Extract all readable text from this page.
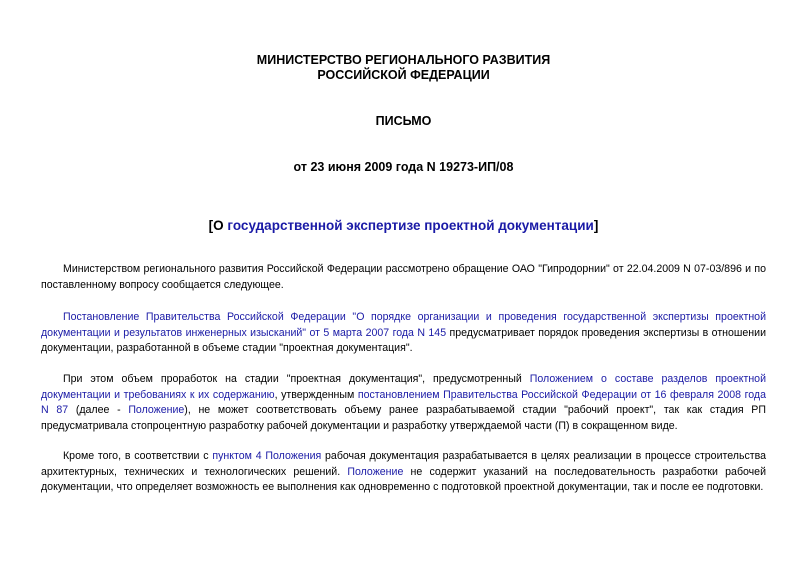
МИНИСТЕРСТВО РЕГИОНАЛЬНОГО РАЗВИТИЯ
РОССИЙСКОЙ ФЕДЕРАЦИИ
ПИСЬМО
от 23 июня 2009 года N 19273-ИП/08
[О государственной экспертизе проектной документации]
Министерством регионального развития Российской Федерации рассмотрено обращение ОАО "Гипродорнии" от 22.04.2009 N 07-03/896 и по поставленному вопросу сообщается следующее.
Постановление Правительства Российской Федерации "О порядке организации и проведения государственной экспертизы проектной документации и результатов инженерных изысканий" от 5 марта 2007 года N 145 предусматривает порядок проведения экспертизы в отношении документации, разработанной в объеме стадии "проектная документация".
При этом объем проработок на стадии "проектная документация", предусмотренный Положением о составе разделов проектной документации и требованиях к их содержанию, утвержденным постановлением Правительства Российской Федерации от 16 февраля 2008 года N 87 (далее - Положение), не может соответствовать объему ранее разрабатываемой стадии "рабочий проект", так как стадия РП предусматривала стопроцентную разработку рабочей документации и разработку утверждаемой части (П) в сокращенном виде.
Кроме того, в соответствии с пунктом 4 Положения рабочая документация разрабатывается в целях реализации в процессе строительства архитектурных, технических и технологических решений. Положение не содержит указаний на последовательность разработки рабочей документации, что определяет возможность ее выполнения как одновременно с подготовкой проектной документации, так и после ее подготовки.
